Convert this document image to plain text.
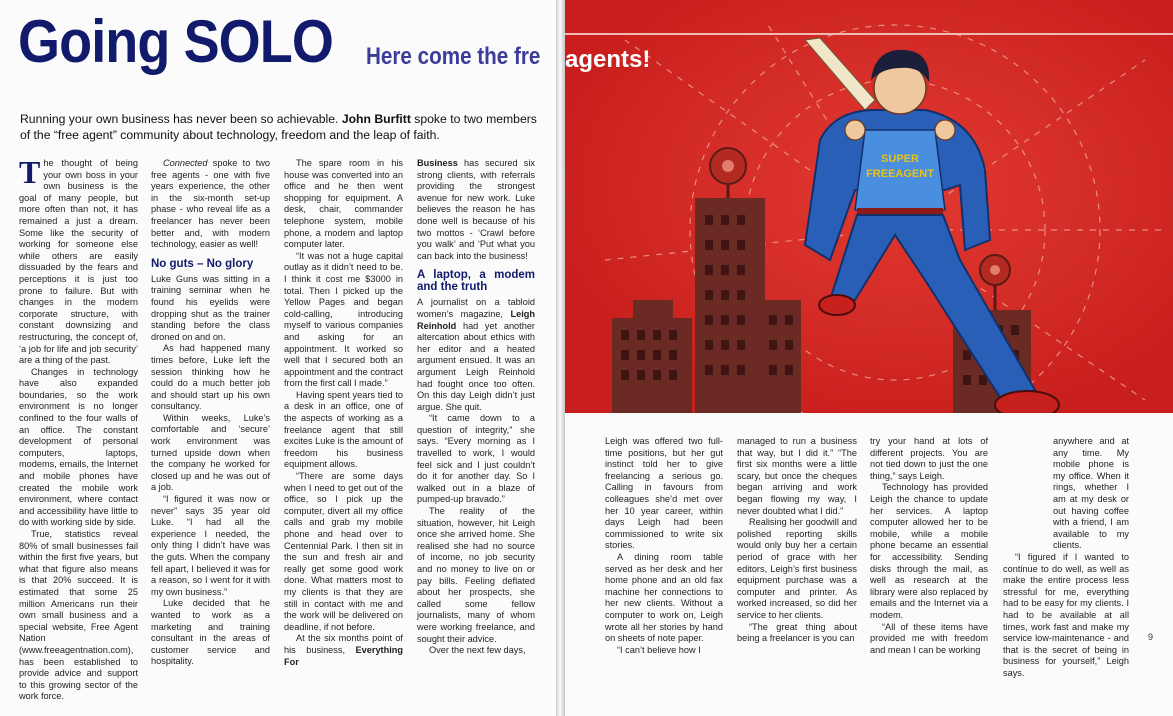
Going SOLO Here come the fre
Running your own business has never been so achievable. John Burfitt spoke to two members of the “free agent” community about technology, freedom and the leap of faith.

The thought of being your own boss in your own business is the goal of many people, but more often than not, it has remained a just a dream. Some like the security of working for someone else while others are easily dissuaded by the fears and perceptions it is just too prone to failure. But with changes in the modern corporate structure, with constant downsizing and restructuring, the concept of, ‘a job for life and job security’ are a thing of the past.

Changes in technology have also expanded boundaries, so the work environment is no longer confined to the four walls of an office. The constant development of personal computers, laptops, modems, emails, the Internet and mobile phones have created the mobile work environment, where contact and accessibility have little to do with working side by side.

True, statistics reveal 80% of small businesses fail within the first five years, but what that figure also means is that 20% succeed. It is estimated that some 25 million Americans run their own small business and a special website, Free Agent Nation (www.freeagentnation.com), has been established to provide advice and support to this growing sector of the work force.

Connected spoke to two free agents - one with five years experience, the other in the six-month set-up phase - who reveal life as a freelancer has never been better and, with modern technology, easier as well!

No guts – No glory

Luke Guns was sitting in a training seminar when he found his eyelids were dropping shut as the trainer standing before the class droned on and on.

As had happened many times before, Luke left the session thinking how he could do a much better job and should start up his own consultancy.

Within weeks, Luke’s comfortable and ‘secure’ work environment was turned upside down when the company he worked for closed up and he was out of a job.

“I figured it was now or never” says 35 year old Luke. “I had all the experience I needed, the only thing I didn’t have was the guts. When the company fell apart, I believed it was for a reason, so I went for it with my own business.”

Luke decided that he wanted to work as a marketing and training consultant in the areas of customer service and hospitality.

The spare room in his house was converted into an office and he then went shopping for equipment. A desk, chair, commander telephone system, mobile phone, a modem and laptop computer later.

“It was not a huge capital outlay as it didn’t need to be. I think it cost me $3000 in total. Then I picked up the Yellow Pages and began cold-calling, introducing myself to various companies and asking for an appointment. It worked so well that I secured both an appointment and the contract from the first call I made.”

Having spent years tied to a desk in an office, one of the aspects of working as a freelance agent that still excites Luke is the amount of freedom his business equipment allows.

“There are some days when I need to get out of the office, so I pick up the computer, divert all my office calls and grab my mobile phone and head over to Centennial Park. I then sit in the sun and fresh air and really get some good work done. What matters most to my clients is that they are still in contact with me and the work will be delivered on deadline, if not before.

At the six months point of his business, Everything For

Business has secured six strong clients, with referrals providing the strongest avenue for new work. Luke believes the reason he has done well is because of his two mottos - ‘Crawl before you walk’ and ‘Put what you can back into the business!

A laptop, a modem and the truth

A journalist on a tabloid women’s magazine, Leigh Reinhold had yet another altercation about ethics with her editor and a heated argument ensued. It was an argument Leigh Reinhold had fought once too often. On this day Leigh didn’t just argue. She quit.

“It came down to a question of integrity,” she says. “Every morning as I travelled to work, I would feel sick and I just couldn’t do it for another day. So I walked out in a blaze of pumped-up bravado.”

The reality of the situation, however, hit Leigh once she arrived home. She realised she had no source of income, no job security and no money to live on or pay bills. Feeling deflated about her prospects, she called some fellow journalists, many of whom were working freelance, and sought their advice.

Over the next few days,

SUPER
FREEAGENT
agents!

Leigh was offered two full-time positions, but her gut instinct told her to give freelancing a serious go. Calling in favours from colleagues she’d met over her 10 year career, within days Leigh had been commissioned to write six stories.

A dining room table served as her desk and her home phone and an old fax machine her connections to her new clients. Without a computer to work on, Leigh wrote all her stories by hand on sheets of note paper.

“I can’t believe how I

managed to run a business that way, but I did it.” “The first six months were a little scary, but once the cheques began arriving and work began flowing my way, I never doubted what I did.”

Realising her goodwill and polished reporting skills would only buy her a certain period of grace with her editors, Leigh’s first business equipment purchase was a computer and printer. As worked increased, so did her service to her clients.

“The great thing about being a freelancer is you can

try your hand at lots of different projects. You are not tied down to just the one thing,” says Leigh.

Technology has provided Leigh the chance to update her services. A laptop computer allowed her to be mobile, while a mobile phone became an essential for accessibility. Sending disks through the mail, as well as research at the library were also replaced by emails and the Internet via a modem.

“All of these items have provided me with freedom and mean I can be working

anywhere and at any time. My mobile phone is my office. When it rings, whether I am at my desk or out having coffee with a friend, I am available to my clients.

“I figured if I wanted to continue to do well, as well as make the entire process less stressful for me, everything had to be easy for my clients. I had to be available at all times, work fast and make my service low-maintenance - and that is the secret of being in business for yourself,” Leigh says.

9
